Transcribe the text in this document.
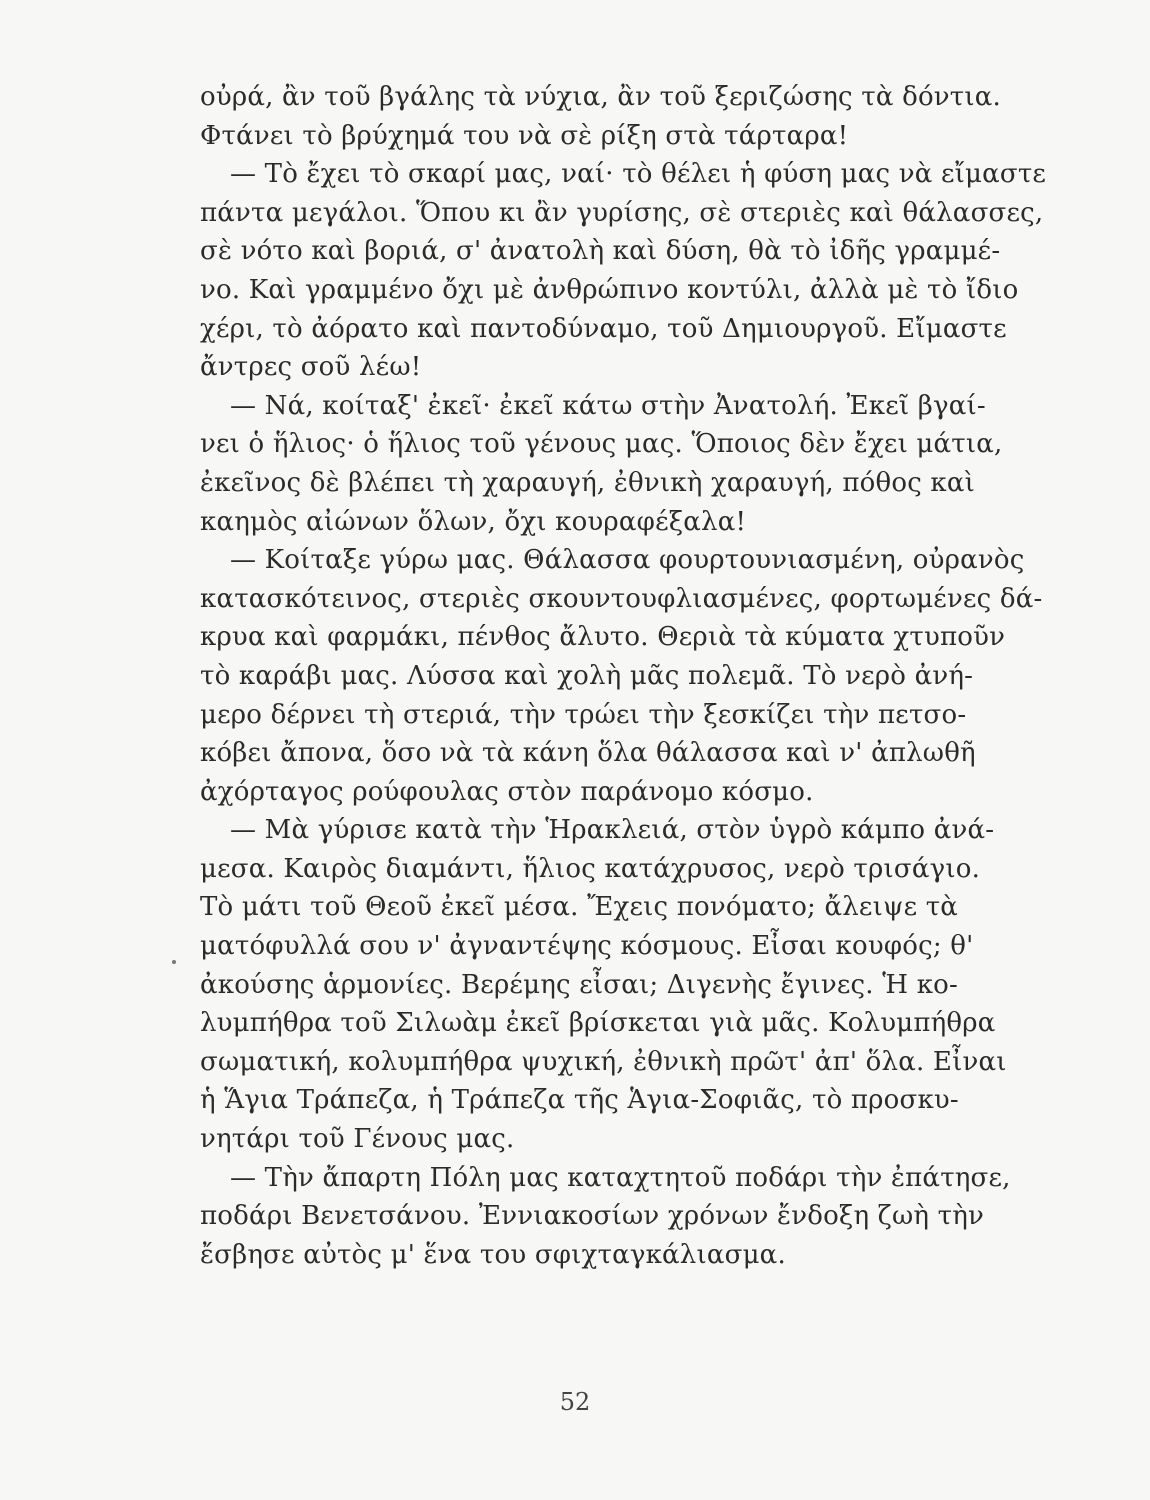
οὐρά, ἂν τοῦ βγάλης τὰ νύχια, ἂν τοῦ ξεριζώσης τὰ δόντια.
Φτάνει τὸ βρύχημά του νὰ σὲ ρίξη στὰ τάρταρα!
— Τὸ ἔχει τὸ σκαρί μας, ναί· τὸ θέλει ἡ φύση μας νὰ εἴμαστε
πάντα μεγάλοι. Ὅπου κι ἂν γυρίσης, σὲ στεριὲς καὶ θάλασσες,
σὲ νότο καὶ βοριά, σ' ἀνατολὴ καὶ δύση, θὰ τὸ ἰδῆς γραμμέ-
νο. Καὶ γραμμένο ὄχι μὲ ἀνθρώπινο κοντύλι, ἀλλὰ μὲ τὸ ἴδιο
χέρι, τὸ ἀόρατο καὶ παντοδύναμο, τοῦ Δημιουργοῦ. Εἴμαστε
ἄντρες σοῦ λέω!
— Νά, κοίταξ' ἐκεῖ· ἐκεῖ κάτω στὴν Ἀνατολή. Ἐκεῖ βγαί-
νει ὁ ἥλιος· ὁ ἥλιος τοῦ γένους μας. Ὅποιος δὲν ἔχει μάτια,
ἐκεῖνος δὲ βλέπει τὴ χαραυγή, ἐθνικὴ χαραυγή, πόθος καὶ
καημὸς αἰώνων ὅλων, ὄχι κουραφέξαλα!
— Κοίταξε γύρω μας. Θάλασσα φουρτουνιασμένη, οὐρανὸς
κατασκότεινος, στεριὲς σκουντουφλιασμένες, φορτωμένες δά-
κρυα καὶ φαρμάκι, πένθος ἄλυτο. Θεριὰ τὰ κύματα χτυποῦν
τὸ καράβι μας. Λύσσα καὶ χολὴ μᾶς πολεμᾶ. Τὸ νερὸ ἀνή-
μερο δέρνει τὴ στεριά, τὴν τρώει τὴν ξεσκίζει τὴν πετσο-
κόβει ἄπονα, ὅσο νὰ τὰ κάνη ὅλα θάλασσα καὶ ν' ἀπλωθῆ
ἀχόρταγος ρούφουλας στὸν παράνομο κόσμο.
— Μὰ γύρισε κατὰ τὴν Ἡρακλειά, στὸν ὑγρὸ κάμπο ἀνά-
μεσα. Καιρὸς διαμάντι, ἥλιος κατάχρυσος, νερὸ τρισάγιο.
Τὸ μάτι τοῦ Θεοῦ ἐκεῖ μέσα. Ἔχεις πονόματο; ἄλειψε τὰ
ματόφυλλά σου ν' ἀγναντέψης κόσμους. Εἶσαι κουφός; θ'
ἀκούσης ἁρμονίες. Βερέμης εἶσαι; Διγενὴς ἔγινες. Ἡ κο-
λυμπήθρα τοῦ Σιλωὰμ ἐκεῖ βρίσκεται γιὰ μᾶς. Κολυμπήθρα
σωματική, κολυμπήθρα ψυχική, ἐθνικὴ πρῶτ' ἀπ' ὅλα. Εἶναι
ἡ Ἅγια Τράπεζα, ἡ Τράπεζα τῆς Ἁγια-Σοφιᾶς, τὸ προσκυ-
νητάρι τοῦ Γένους μας.
— Τὴν ἄπαρτη Πόλη μας καταχτητοῦ ποδάρι τὴν ἐπάτησε,
ποδάρι Βενετσάνου. Ἐννιακοσίων χρόνων ἔνδοξη ζωὴ τὴν
ἔσβησε αὐτὸς μ' ἕνα του σφιχταγκάλιασμα.
52
